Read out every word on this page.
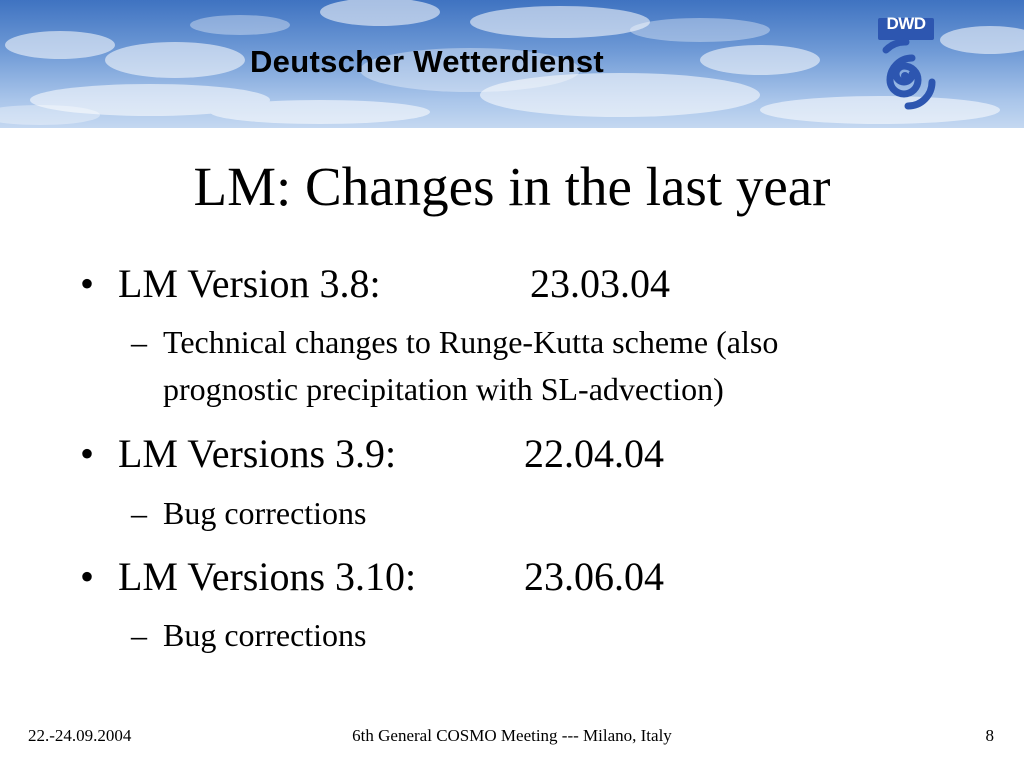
Deutscher Wetterdienst
DWD
LM: Changes in the last year
• LM Version 3.8:	23.03.04
– Technical changes to Runge-Kutta scheme (also
prognostic precipitation with SL-advection)
• LM Versions 3.9:	22.04.04
– Bug corrections
• LM Versions 3.10:	23.06.04
– Bug corrections
22.-24.09.2004	6th General COSMO Meeting --- Milano, Italy	8
